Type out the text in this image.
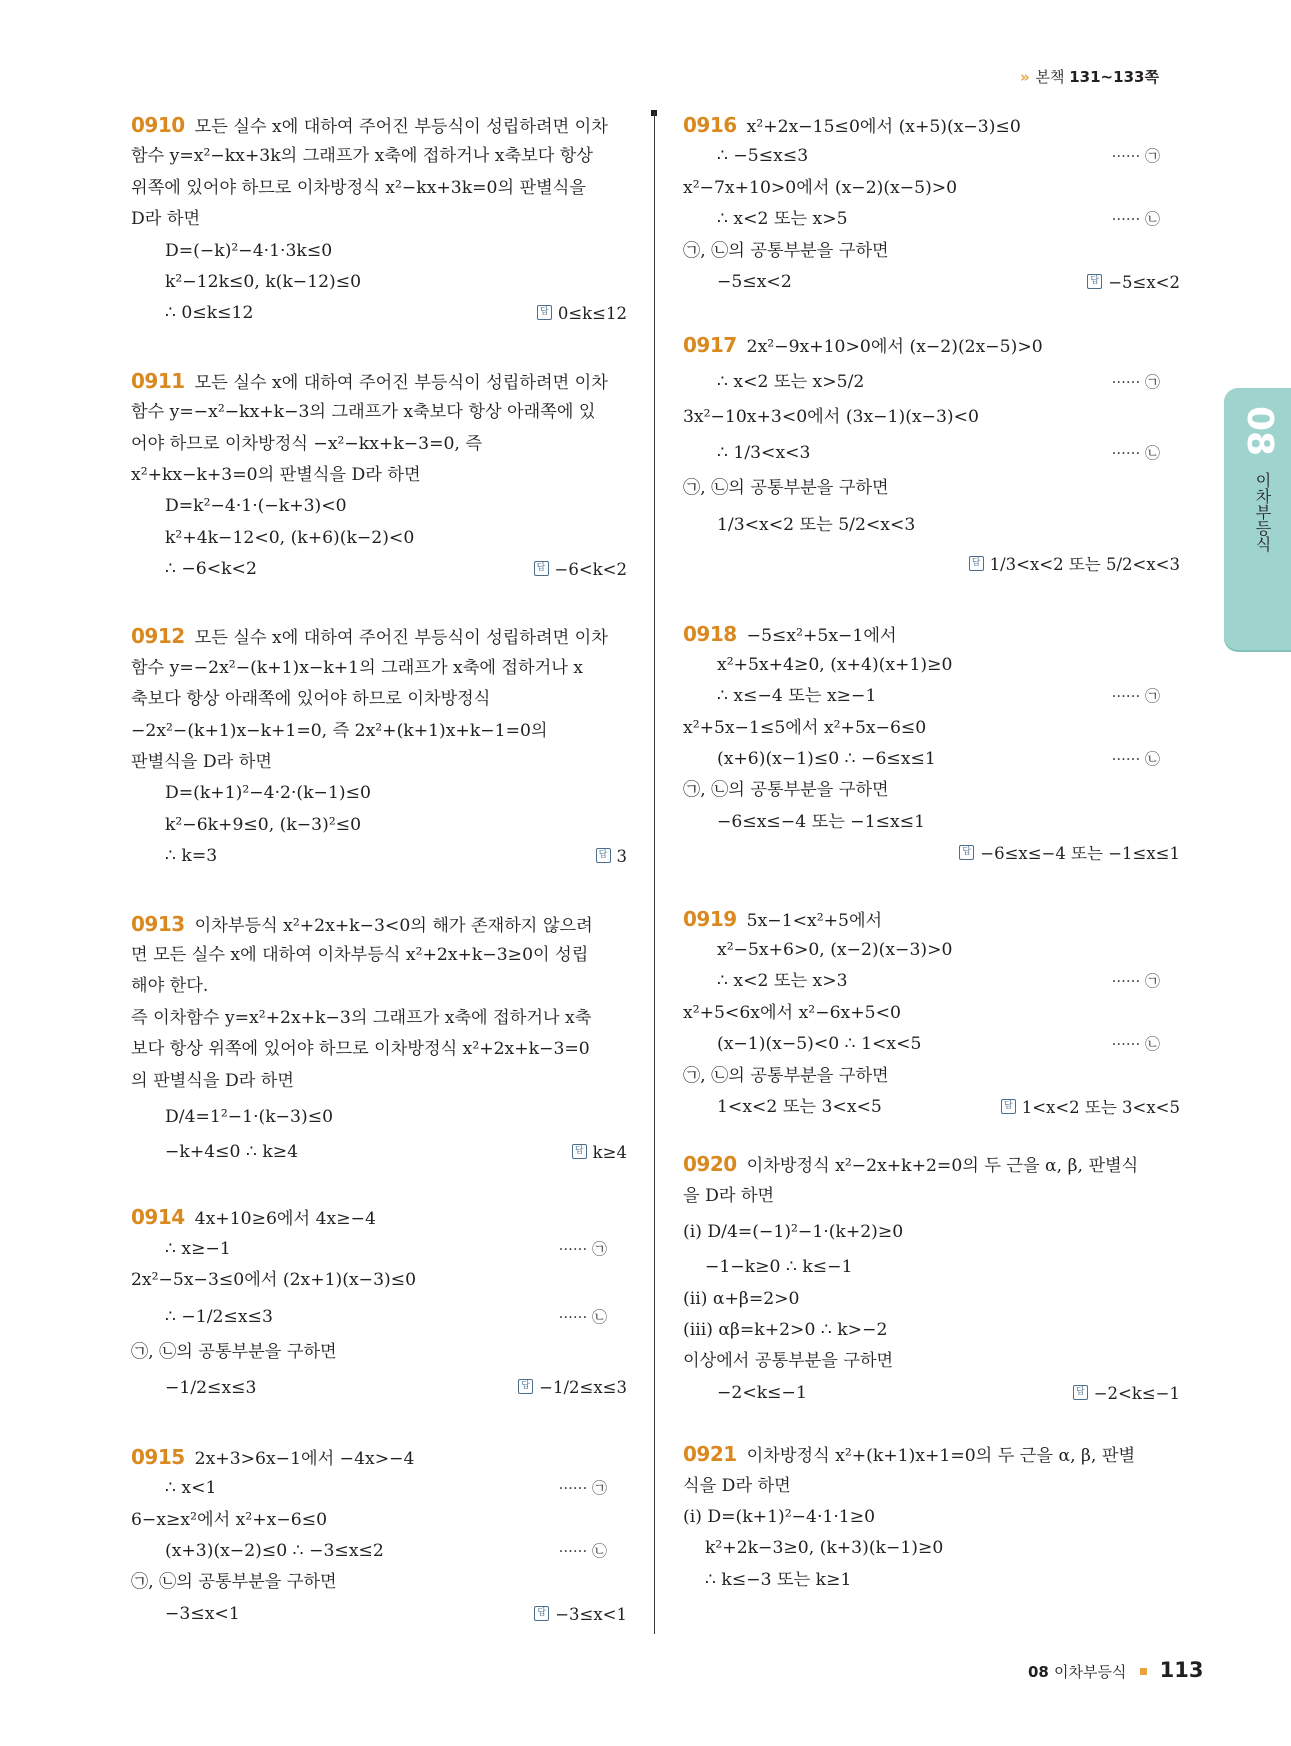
» 본책 131~133쪽
0910 모든 실수 x에 대하여 주어진 부등식이 성립하려면 이차
함수 y=x²−kx+3k의 그래프가 x축에 접하거나 x축보다 항상
위쪽에 있어야 하므로 이차방정식 x²−kx+3k=0의 판별식을
D라 하면
D=(−k)²−4·1·3k≤0
k²−12k≤0, k(k−12)≤0
∴ 0≤k≤12 답	0≤k≤12
0911 모든 실수 x에 대하여 주어진 부등식이 성립하려면 이차
함수 y=−x²−kx+k−3의 그래프가 x축보다 항상 아래쪽에 있
어야 하므로 이차방정식 −x²−kx+k−3=0, 즉
x²+kx−k+3=0의 판별식을 D라 하면
D=k²−4·1·(−k+3)<0
k²+4k−12<0, (k+6)(k−2)<0
∴ −6<k<2 답	−6<k<2
0912 모든 실수 x에 대하여 주어진 부등식이 성립하려면 이차
함수 y=−2x²−(k+1)x−k+1의 그래프가 x축에 접하거나 x
축보다 항상 아래쪽에 있어야 하므로 이차방정식
−2x²−(k+1)x−k+1=0, 즉 2x²+(k+1)x+k−1=0의
판별식을 D라 하면
D=(k+1)²−4·2·(k−1)≤0
k²−6k+9≤0, (k−3)²≤0
∴ k=3 답	3
0913 이차부등식 x²+2x+k−3<0의 해가 존재하지 않으려
면 모든 실수 x에 대하여 이차부등식 x²+2x+k−3≥0이 성립
해야 한다.
즉 이차함수 y=x²+2x+k−3의 그래프가 x축에 접하거나 x축
보다 항상 위쪽에 있어야 하므로 이차방정식 x²+2x+k−3=0
의 판별식을 D라 하면
D/4=1²−1·(k−3)≤0
−k+4≤0 ∴ k≥4 답	k≥4
0914 4x+10≥6에서 4x≥−4
∴ x≥−1	······ ㉠
2x²−5x−3≤0에서 (2x+1)(x−3)≤0
∴ −1/2≤x≤3	······ ㉡
㉠, ㉡의 공통부분을 구하면
−1/2≤x≤3 답	−1/2≤x≤3
0915 2x+3>6x−1에서 −4x>−4
∴ x<1	······ ㉠
6−x≥x²에서 x²+x−6≤0
(x+3)(x−2)≤0 ∴ −3≤x≤2	······ ㉡
㉠, ㉡의 공통부분을 구하면
−3≤x<1 답	−3≤x<1
0916 x²+2x−15≤0에서 (x+5)(x−3)≤0
∴ −5≤x≤3	······ ㉠
x²−7x+10>0에서 (x−2)(x−5)>0
∴ x<2 또는 x>5	······ ㉡
㉠, ㉡의 공통부분을 구하면
−5≤x<2 답	−5≤x<2
0917 2x²−9x+10>0에서 (x−2)(2x−5)>0
∴ x<2 또는 x>5/2	······ ㉠
3x²−10x+3<0에서 (3x−1)(x−3)<0
∴ 1/3<x<3	······ ㉡
㉠, ㉡의 공통부분을 구하면
1/3<x<2 또는 5/2<x<3
답1/3<x<2 또는 5/2<x<3
0918 −5≤x²+5x−1에서
x²+5x+4≥0, (x+4)(x+1)≥0
∴ x≤−4 또는 x≥−1	······ ㉠
x²+5x−1≤5에서 x²+5x−6≤0
(x+6)(x−1)≤0 ∴ −6≤x≤1	······ ㉡
㉠, ㉡의 공통부분을 구하면
−6≤x≤−4 또는 −1≤x≤1
답−6≤x≤−4 또는 −1≤x≤1
0919 5x−1<x²+5에서
x²−5x+6>0, (x−2)(x−3)>0
∴ x<2 또는 x>3	······ ㉠
x²+5<6x에서 x²−6x+5<0
(x−1)(x−5)<0 ∴ 1<x<5	······ ㉡
㉠, ㉡의 공통부분을 구하면
1<x<2 또는 3<x<5 답	1<x<2 또는 3<x<5
0920 이차방정식 x²−2x+k+2=0의 두 근을 α, β, 판별식
을 D라 하면
(i) D/4=(−1)²−1·(k+2)≥0
−1−k≥0 ∴ k≤−1
(ii) α+β=2>0
(iii) αβ=k+2>0 ∴ k>−2
이상에서 공통부분을 구하면
−2<k≤−1 답	−2<k≤−1
0921 이차방정식 x²+(k+1)x+1=0의 두 근을 α, β, 판별
식을 D라 하면
(i) D=(k+1)²−4·1·1≥0
k²+2k−3≥0, (k+3)(k−1)≥0
∴ k≤−3 또는 k≥1
08
이차부등식
08 이차부등식 113
